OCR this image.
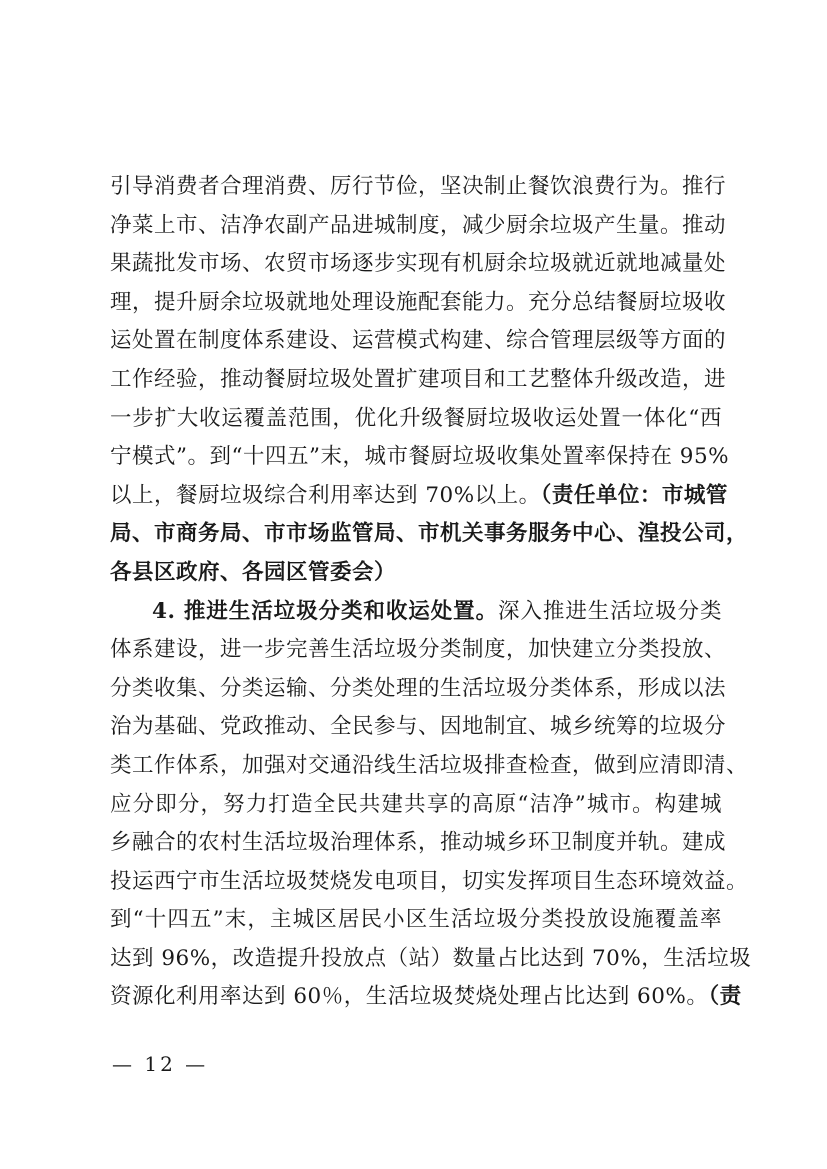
引导消费者合理消费、厉行节俭，坚决制止餐饮浪费行为。推行
净菜上市、洁净农副产品进城制度，减少厨余垃圾产生量。推动
果蔬批发市场、农贸市场逐步实现有机厨余垃圾就近就地减量处
理，提升厨余垃圾就地处理设施配套能力。充分总结餐厨垃圾收
运处置在制度体系建设、运营模式构建、综合管理层级等方面的
工作经验，推动餐厨垃圾处置扩建项目和工艺整体升级改造，进
一步扩大收运覆盖范围，优化升级餐厨垃圾收运处置一体化“西
宁模式”。到“十四五”末，城市餐厨垃圾收集处置率保持在 95%
以上，餐厨垃圾综合利用率达到 70%以上。（责任单位：市城管
局、市商务局、市市场监管局、市机关事务服务中心、湟投公司，
各县区政府、各园区管委会）
4. 推进生活垃圾分类和收运处置。深入推进生活垃圾分类
体系建设，进一步完善生活垃圾分类制度，加快建立分类投放、
分类收集、分类运输、分类处理的生活垃圾分类体系，形成以法
治为基础、党政推动、全民参与、因地制宜、城乡统筹的垃圾分
类工作体系，加强对交通沿线生活垃圾排查检查，做到应清即清、
应分即分，努力打造全民共建共享的高原“洁净”城市。构建城
乡融合的农村生活垃圾治理体系，推动城乡环卫制度并轨。建成
投运西宁市生活垃圾焚烧发电项目，切实发挥项目生态环境效益。
到“十四五”末，主城区居民小区生活垃圾分类投放设施覆盖率
达到 96%，改造提升投放点（站）数量占比达到 70%，生活垃圾
资源化利用率达到 60％，生活垃圾焚烧处理占比达到 60%。（责
— 12 —
